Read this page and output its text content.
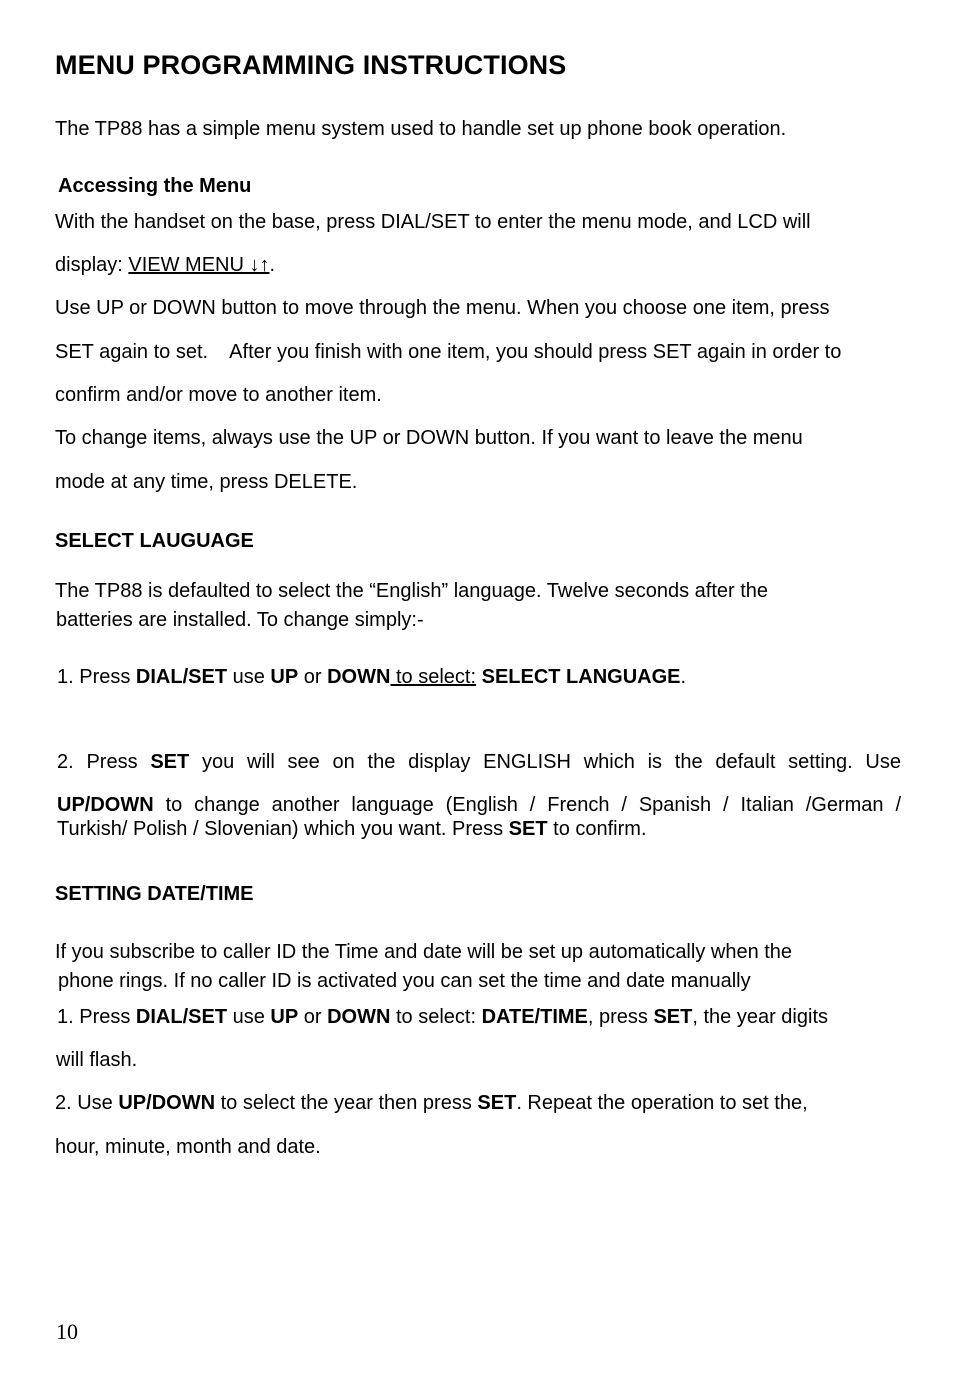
MENU PROGRAMMING INSTRUCTIONS

The TP88 has a simple menu system used to handle set up phone book operation.

Accessing the Menu

With the handset on the base, press DIAL/SET to enter the menu mode, and LCD will

display: VIEW MENU ↓↑.

Use UP or DOWN button to move through the menu. When you choose one item, press

SET again to set.    After you finish with one item, you should press SET again in order to

confirm and/or move to another item.

To change items, always use the UP or DOWN button. If you want to leave the menu

mode at any time, press DELETE.

SELECT LAUGUAGE

The TP88 is defaulted to select the “English” language. Twelve seconds after the

batteries are installed. To change simply:-

1. Press DIAL/SET use UP or DOWN to select: SELECT LANGUAGE.

2. Press SET you will see on the display ENGLISH which is the default setting. Use

UP/DOWN to change another language (English / French / Spanish / Italian /German /

Turkish/ Polish / Slovenian) which you want. Press SET to confirm.

SETTING DATE/TIME

If you subscribe to caller ID the Time and date will be set up automatically when the

phone rings. If no caller ID is activated you can set the time and date manually

1. Press DIAL/SET use UP or DOWN to select: DATE/TIME, press SET, the year digits

will flash.

2. Use UP/DOWN to select the year then press SET. Repeat the operation to set the,

hour, minute, month and date.

10
